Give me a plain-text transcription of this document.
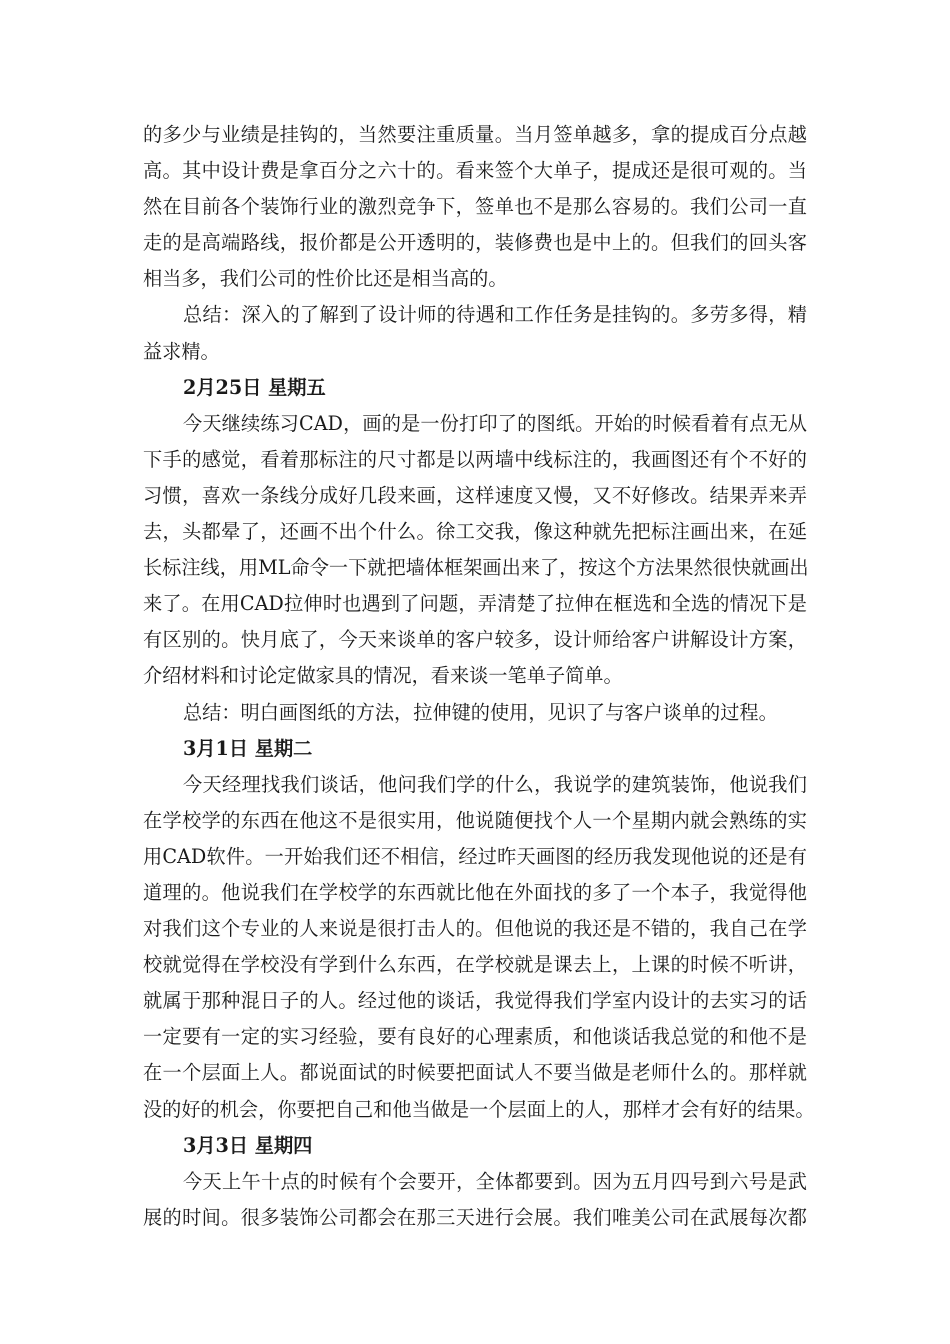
的多少与业绩是挂钩的，当然要注重质量。当月签单越多，拿的提成百分点越
高。其中设计费是拿百分之六十的。看来签个大单子，提成还是很可观的。当
然在目前各个装饰行业的激烈竞争下，签单也不是那么容易的。我们公司一直
走的是高端路线，报价都是公开透明的，装修费也是中上的。但我们的回头客
相当多，我们公司的性价比还是相当高的。
总结：深入的了解到了设计师的待遇和工作任务是挂钩的。多劳多得，精
益求精。
2月25日 星期五
今天继续练习CAD，画的是一份打印了的图纸。开始的时候看着有点无从
下手的感觉，看着那标注的尺寸都是以两墙中线标注的，我画图还有个不好的
习惯，喜欢一条线分成好几段来画，这样速度又慢，又不好修改。结果弄来弄
去，头都晕了，还画不出个什么。徐工交我，像这种就先把标注画出来，在延
长标注线，用ML命令一下就把墙体框架画出来了，按这个方法果然很快就画出
来了。在用CAD拉伸时也遇到了问题，弄清楚了拉伸在框选和全选的情况下是
有区别的。快月底了，今天来谈单的客户较多，设计师给客户讲解设计方案，
介绍材料和讨论定做家具的情况，看来谈一笔单子简单。
总结：明白画图纸的方法，拉伸键的使用，见识了与客户谈单的过程。
3月1日 星期二
今天经理找我们谈话，他问我们学的什么，我说学的建筑装饰，他说我们
在学校学的东西在他这不是很实用，他说随便找个人一个星期内就会熟练的实
用CAD软件。一开始我们还不相信，经过昨天画图的经历我发现他说的还是有
道理的。他说我们在学校学的东西就比他在外面找的多了一个本子，我觉得他
对我们这个专业的人来说是很打击人的。但他说的我还是不错的，我自己在学
校就觉得在学校没有学到什么东西，在学校就是课去上，上课的时候不听讲，
就属于那种混日子的人。经过他的谈话，我觉得我们学室内设计的去实习的话
一定要有一定的实习经验，要有良好的心理素质，和他谈话我总觉的和他不是
在一个层面上人。都说面试的时候要把面试人不要当做是老师什么的。那样就
没的好的机会，你要把自己和他当做是一个层面上的人，那样才会有好的结果。
3月3日 星期四
今天上午十点的时候有个会要开，全体都要到。因为五月四号到六号是武
展的时间。很多装饰公司都会在那三天进行会展。我们唯美公司在武展每次都
